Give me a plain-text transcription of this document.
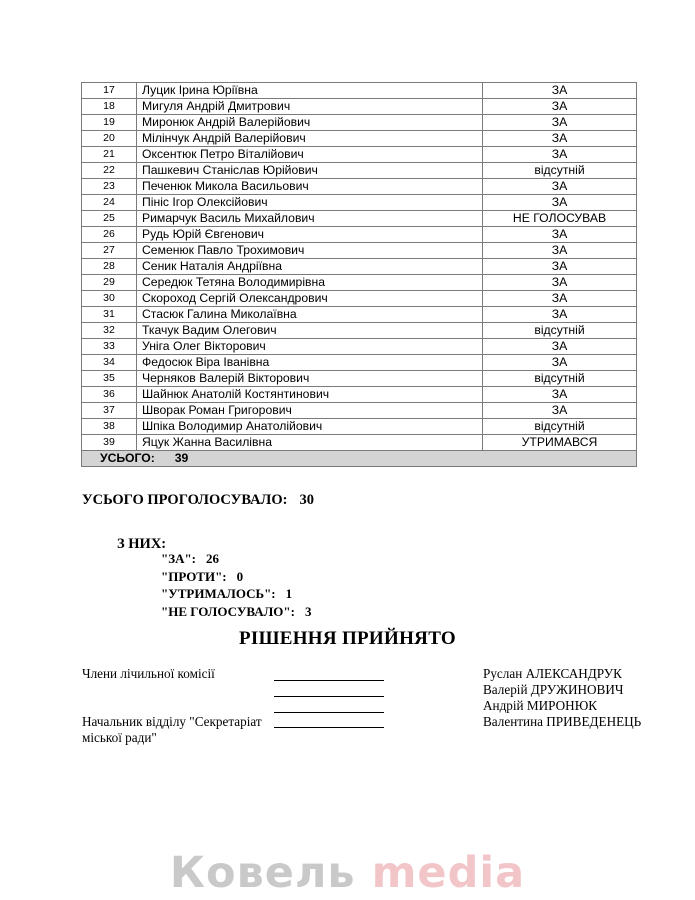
17	Луцик Ірина Юріївна	ЗА
18	Мигуля Андрій Дмитрович	ЗА
19	Миронюк Андрій Валерійович	ЗА
20	Мілінчук Андрій Валерійович	ЗА
21	Оксентюк Петро Віталійович	ЗА
22	Пашкевич Станіслав Юрійович	відсутній
23	Печенюк Микола Васильович	ЗА
24	Пініс Ігор Олексійович	ЗА
25	Римарчук Василь Михайлович	НЕ ГОЛОСУВАВ
26	Рудь Юрій Євгенович	ЗА
27	Семенюк Павло Трохимович	ЗА
28	Сеник Наталія Андріївна	ЗА
29	Середюк Тетяна Володимирівна	ЗА
30	Скороход Сергій Олександрович	ЗА
31	Стасюк Галина Миколаївна	ЗА
32	Ткачук Вадим Олегович	відсутній
33	Уніга Олег Вікторович	ЗА
34	Федосюк Віра Іванівна	ЗА
35	Черняков Валерій Вікторович	відсутній
36	Шайнюк Анатолій Костянтинович	ЗА
37	Шворак Роман Григорович	ЗА
38	Шпіка Володимир Анатолійович	відсутній
39	Яцук Жанна Василівна	УТРИМАВСЯ
УСЬОГО: 39		
УСЬОГО ПРОГОЛОСУВАЛО: 30
З НИХ:
"ЗА": 26
"ПРОТИ": 0
"УТРИМАЛОСЬ": 1
"НЕ ГОЛОСУВАЛО": 3
РІШЕННЯ ПРИЙНЯТО
Члени лічильної комісії
Начальник відділу "Секретаріат
міської ради"
Руслан АЛЕКСАНДРУК
Валерій ДРУЖИНОВИЧ
Андрій МИРОНЮК
Валентина ПРИВЕДЕНЕЦЬ
Ковель media
